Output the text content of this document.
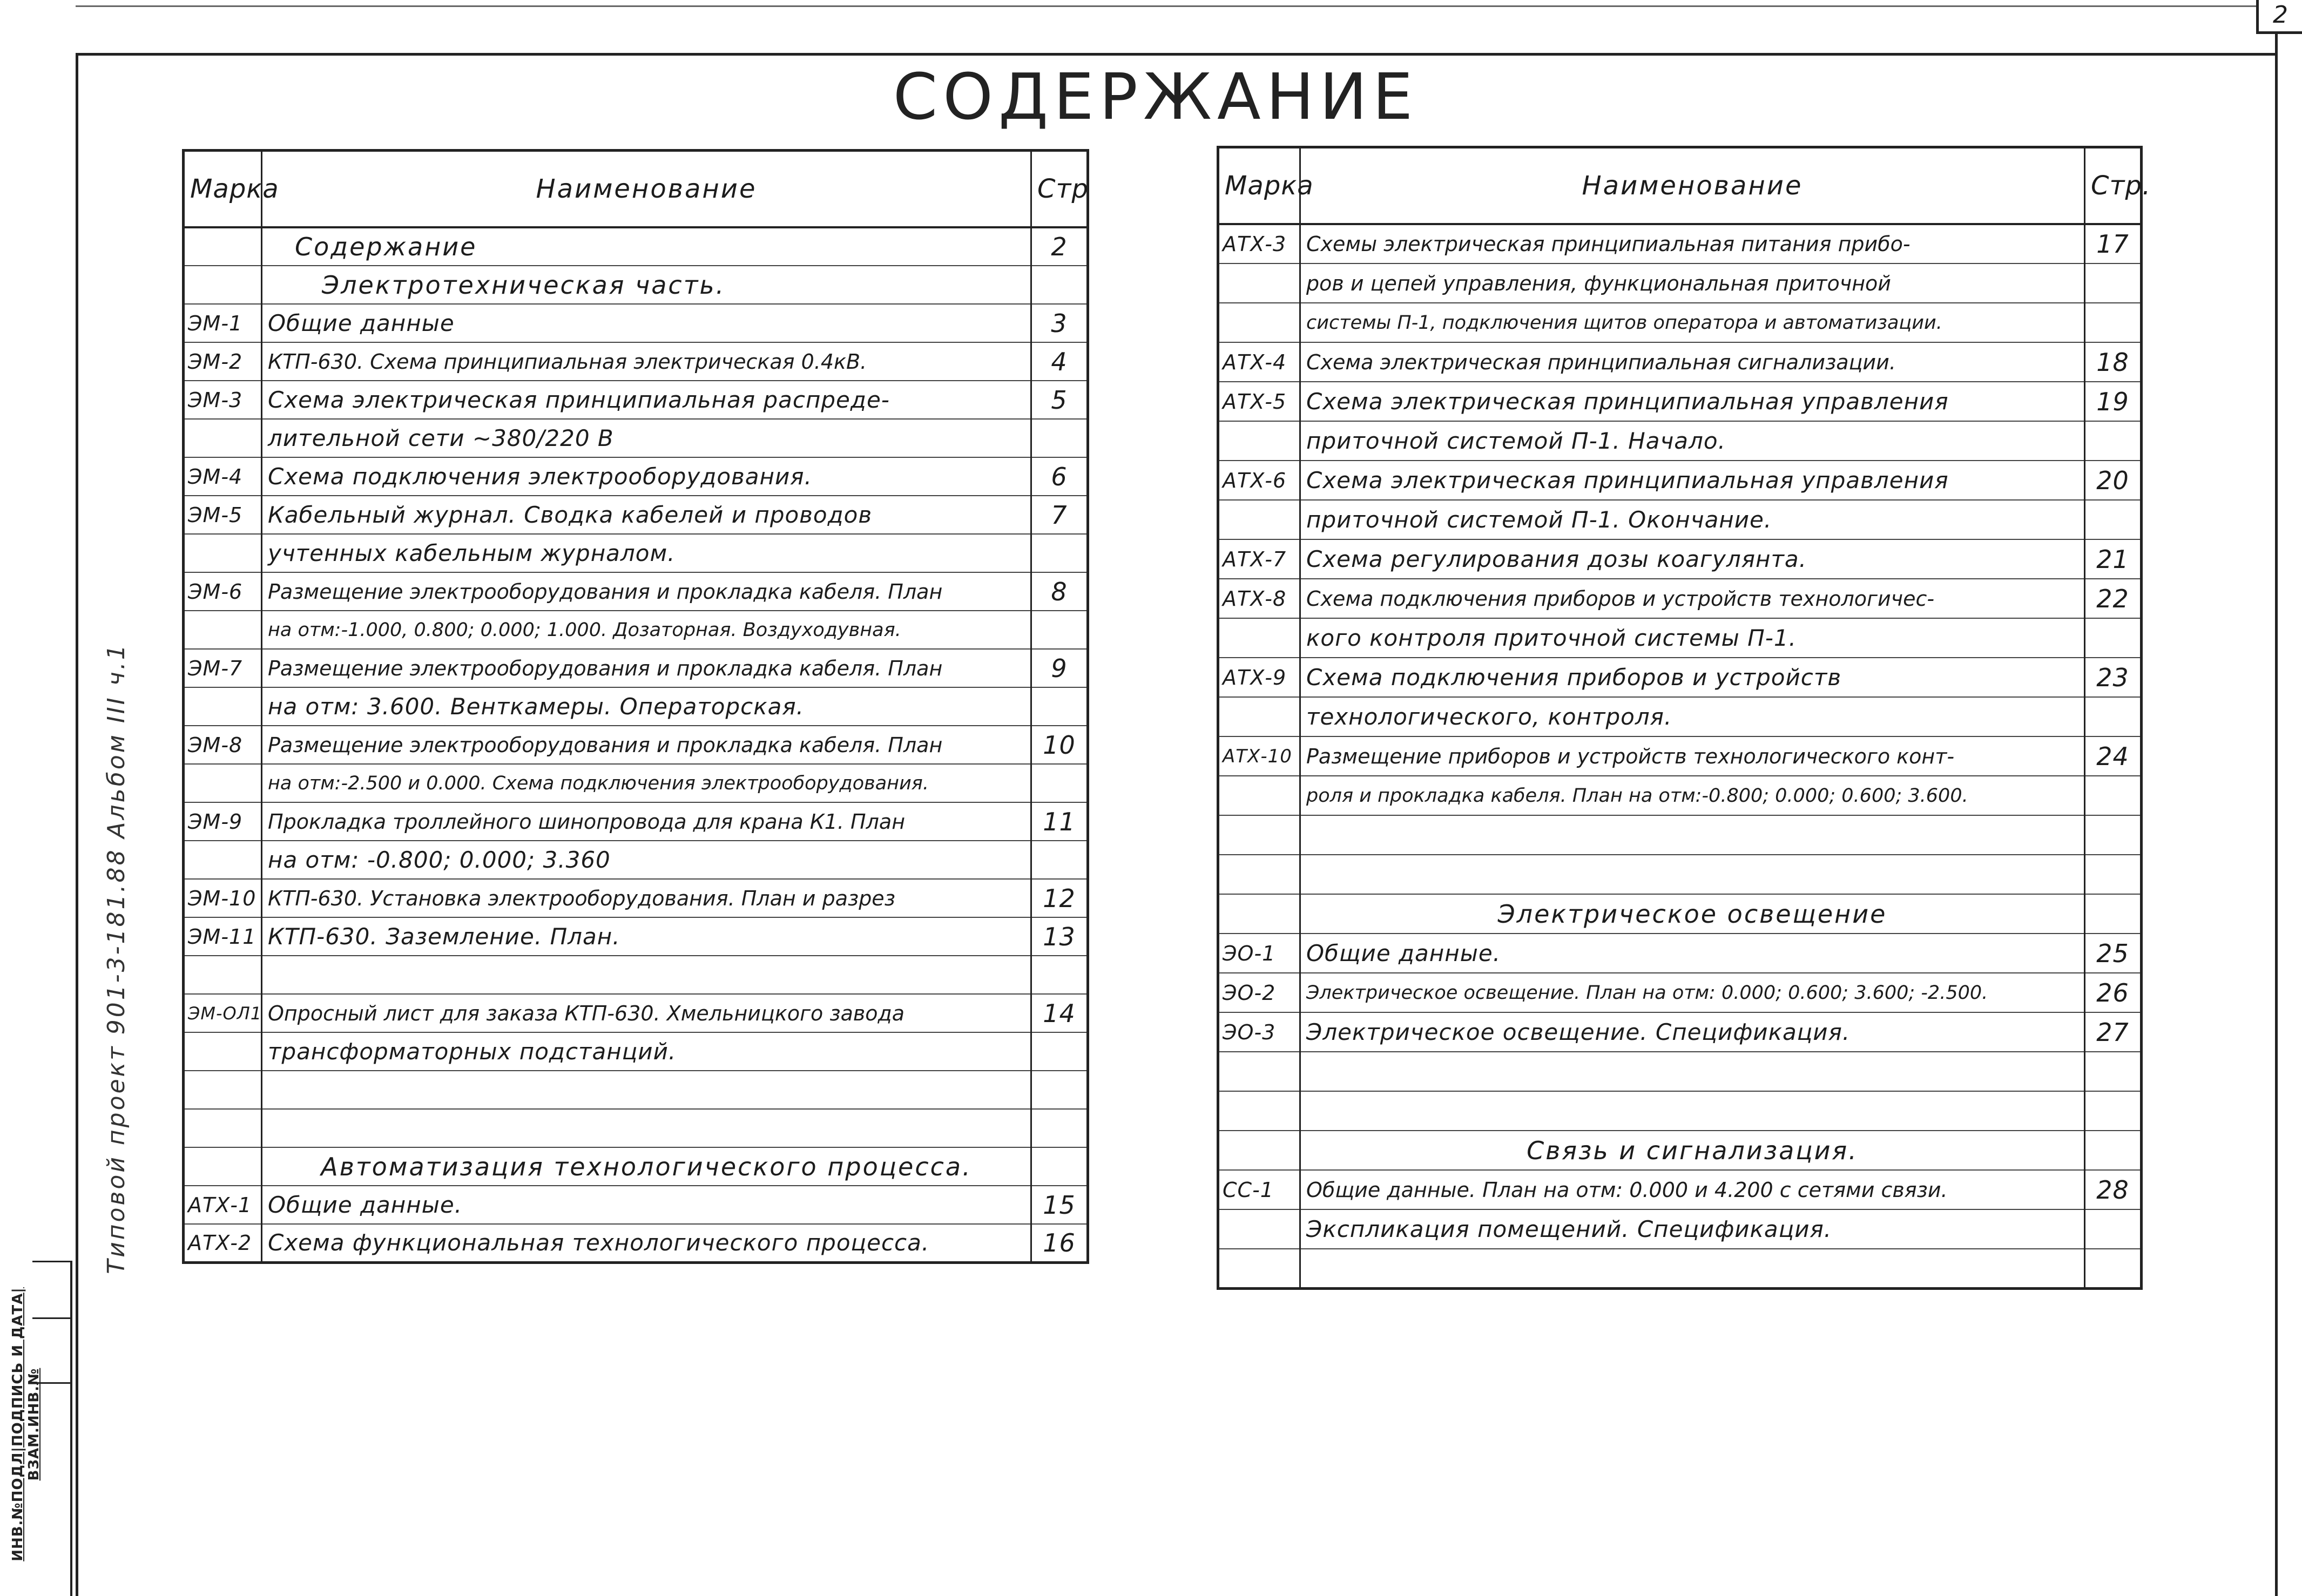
2
СОДЕРЖАНИЕ
Типовой проект 901-3-181.88 Альбом III ч.1
ИНВ.№ПОДЛ|ПОДПИСЬ И ДАТА|ВЗАМ.ИНВ.№
Марка	Наименование	Стр
	Содержание	2
	Электротехническая часть.	
ЭМ-1	Общие данные	3
ЭМ-2	КТП-630. Схема принципиальная электрическая 0.4кВ.	4
ЭМ-3	Схема электрическая принципиальная распреде-	5
	лительной сети ~380/220 В	
ЭМ-4	Схема подключения электрооборудования.	6
ЭМ-5	Кабельный журнал. Сводка кабелей и проводов	7
	учтенных кабельным журналом.	
ЭМ-6	Размещение электрооборудования и прокладка кабеля. План	8
	на отм:-1.000, 0.800; 0.000; 1.000. Дозаторная. Воздуходувная.	
ЭМ-7	Размещение электрооборудования и прокладка кабеля. План	9
	на отм: 3.600. Венткамеры. Операторская.	
ЭМ-8	Размещение электрооборудования и прокладка кабеля. План	10
	на отм:-2.500 и 0.000. Схема подключения электрооборудования.	
ЭМ-9	Прокладка троллейного шинопровода для крана К1. План	11
	на отм: -0.800; 0.000; 3.360	
ЭМ-10	КТП-630. Установка электрооборудования. План и разрез	12
ЭМ-11	КТП-630. Заземление. План.	13

ЭМ-ОЛ1	Опросный лист для заказа КТП-630. Хмельницкого завода	14
	трансформаторных подстанций.	

	Автоматизация технологического процесса.	
АТХ-1	Общие данные.	15
АТХ-2	Схема функциональная технологического процесса.	16
Марка	Наименование	Стр.
АТХ-3	Схемы электрическая принципиальная питания прибо-	17
	ров и цепей управления, функциональная приточной	
	системы П-1, подключения щитов оператора и автоматизации.	
АТХ-4	Схема электрическая принципиальная сигнализации.	18
АТХ-5	Схема электрическая принципиальная управления	19
	приточной системой П-1. Начало.	
АТХ-6	Схема электрическая принципиальная управления	20
	приточной системой П-1. Окончание.	
АТХ-7	Схема регулирования дозы коагулянта.	21
АТХ-8	Схема подключения приборов и устройств технологичес-	22
	кого контроля приточной системы П-1.	
АТХ-9	Схема подключения приборов и устройств	23
	технологического, контроля.	
АТХ-10	Размещение приборов и устройств технологического конт-	24
	роля и прокладка кабеля. План на отм:-0.800; 0.000; 0.600; 3.600.	

	Электрическое освещение	
ЭО-1	Общие данные.	25
ЭО-2	Электрическое освещение. План на отм: 0.000; 0.600; 3.600; -2.500.	26
ЭО-3	Электрическое освещение. Спецификация.	27

	Связь и сигнализация.	
СС-1	Общие данные. План на отм: 0.000 и 4.200 с сетями связи.	28
	Экспликация помещений. Спецификация.	
